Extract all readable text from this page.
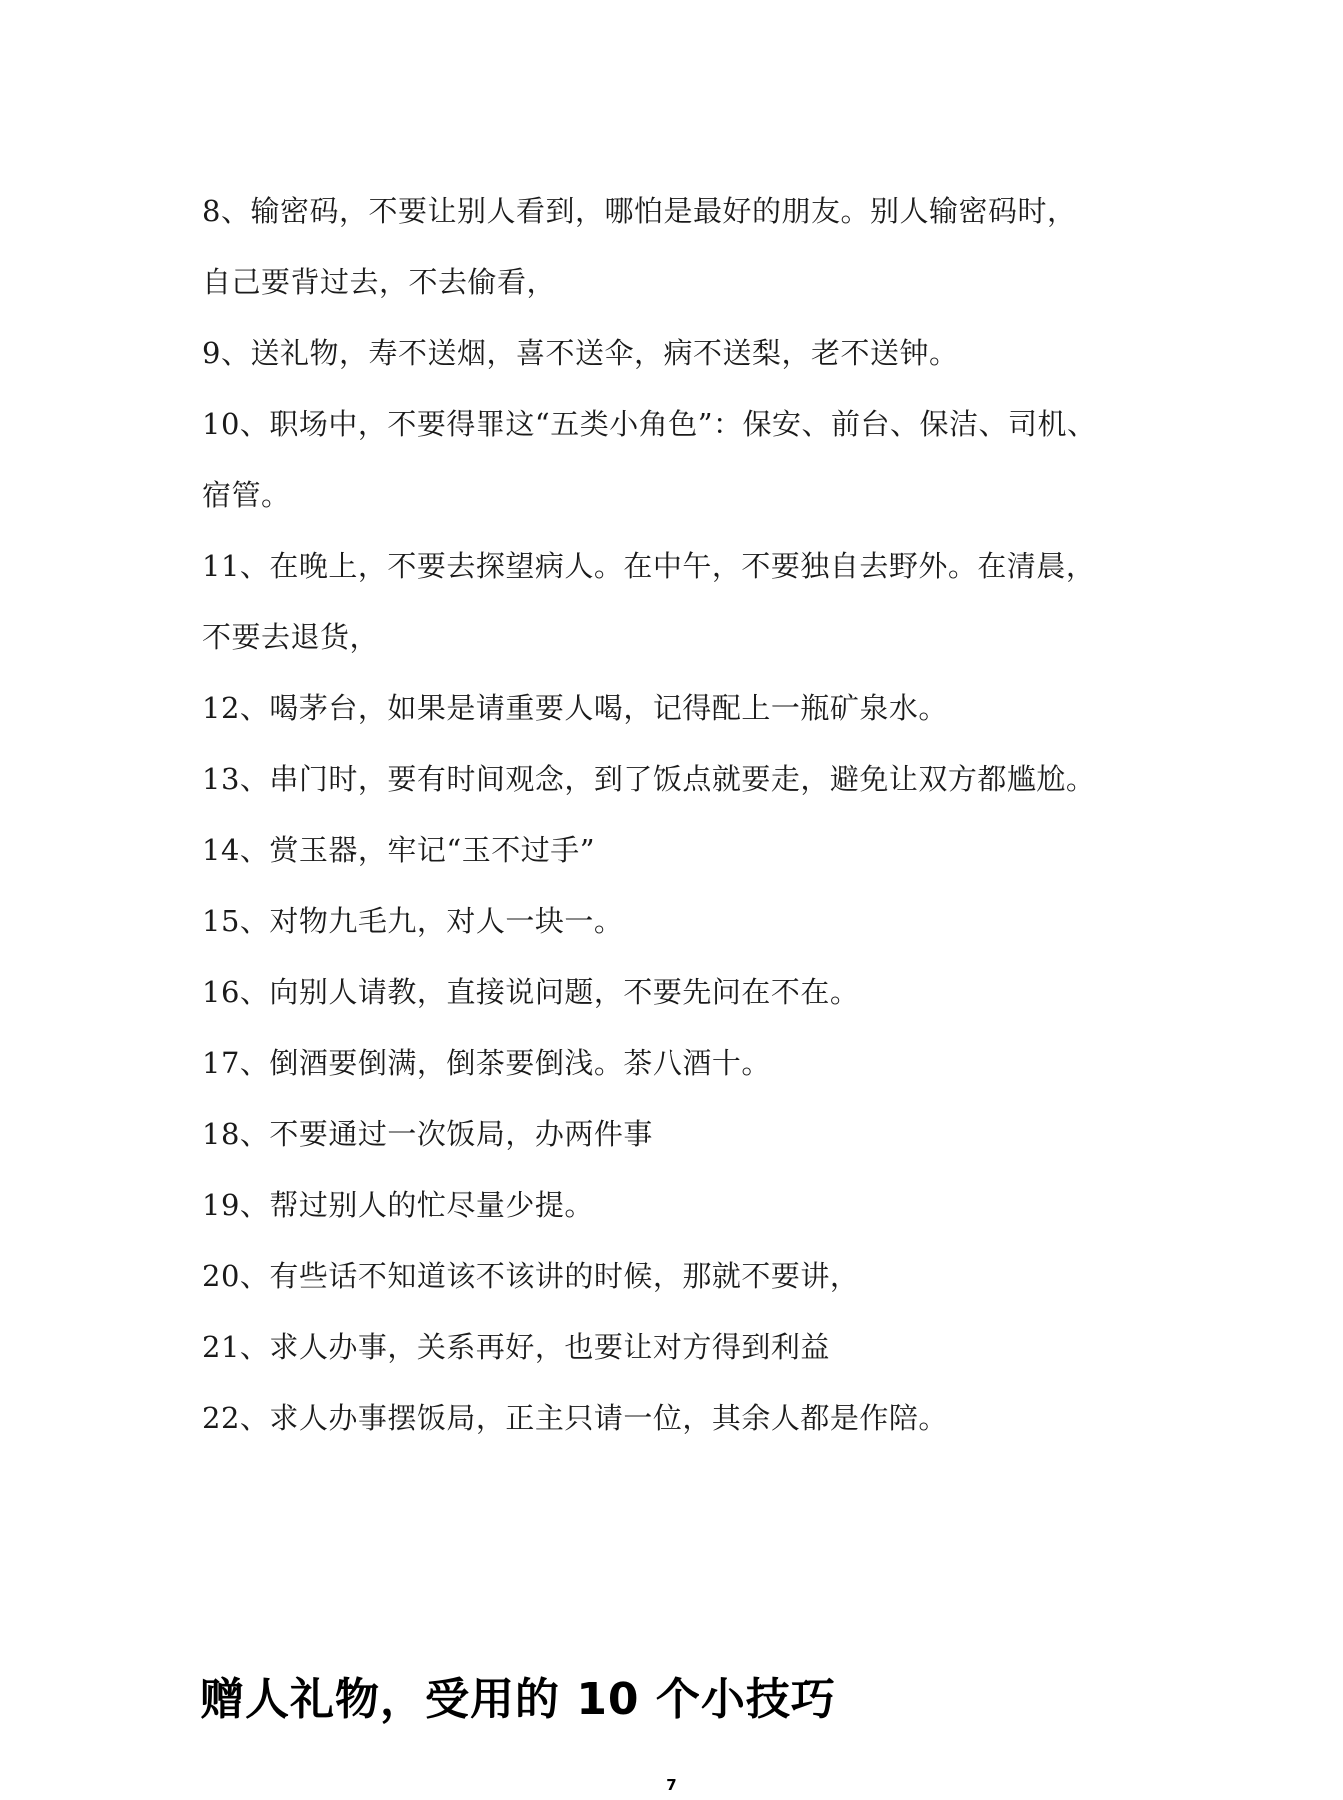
8、输密码，不要让别人看到，哪怕是最好的朋友。别人输密码时，
自己要背过去，不去偷看，
9、送礼物，寿不送烟，喜不送伞，病不送梨，老不送钟。
10、职场中，不要得罪这“五类小角色”：保安、前台、保洁、司机、
宿管。
11、在晚上，不要去探望病人。在中午，不要独自去野外。在清晨，
不要去退货，
12、喝茅台，如果是请重要人喝，记得配上一瓶矿泉水。
13、串门时，要有时间观念，到了饭点就要走，避免让双方都尴尬。
14、赏玉器，牢记“玉不过手”
15、对物九毛九，对人一块一。
16、向别人请教，直接说问题，不要先问在不在。
17、倒酒要倒满，倒茶要倒浅。茶八酒十。
18、不要通过一次饭局，办两件事
19、帮过别人的忙尽量少提。
20、有些话不知道该不该讲的时候，那就不要讲，
21、求人办事，关系再好，也要让对方得到利益
22、求人办事摆饭局，正主只请一位，其余人都是作陪。
赠人礼物，受用的 10 个小技巧
7
